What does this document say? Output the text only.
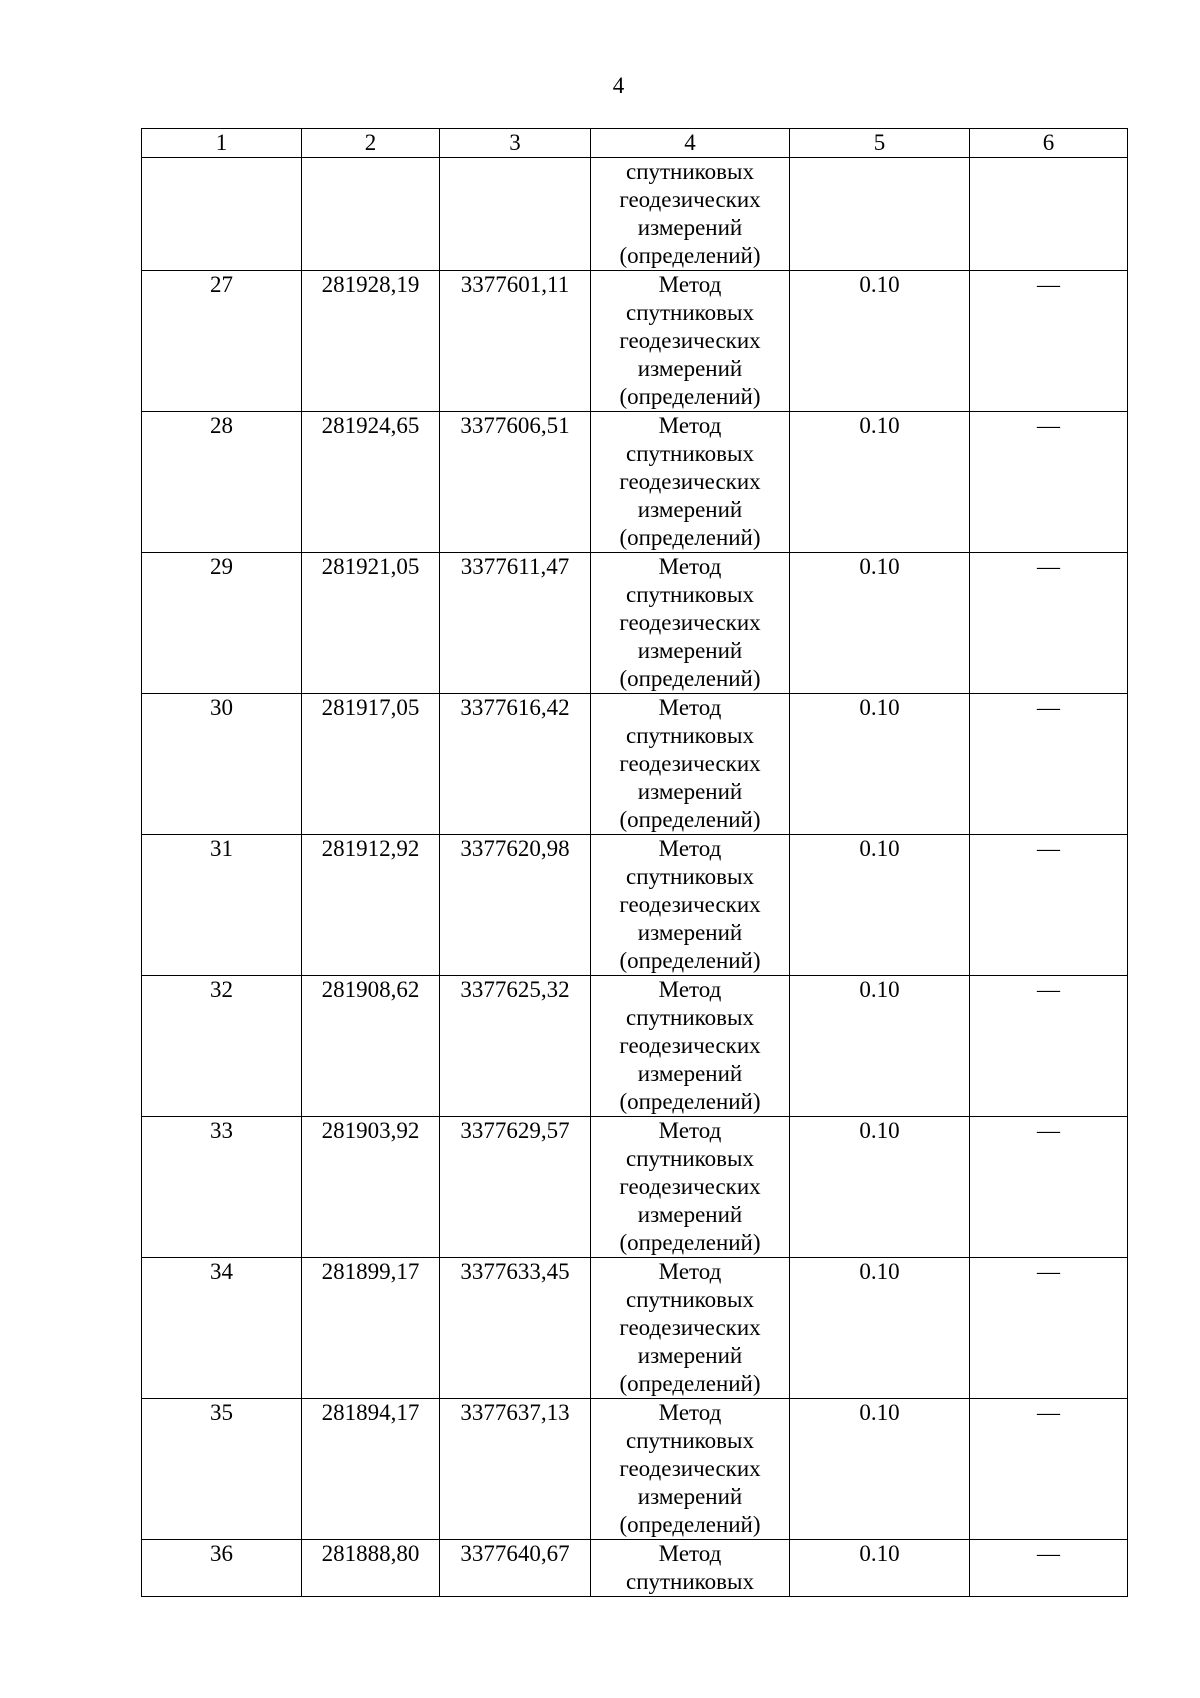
4
1	2	3	4	5	6

			спутниковых
геодезических
измерений
(определений)		

27	281928,19	3377601,11	Метод
спутниковых
геодезических
измерений
(определений)	0.10	—

28	281924,65	3377606,51	Метод
спутниковых
геодезических
измерений
(определений)	0.10	—

29	281921,05	3377611,47	Метод
спутниковых
геодезических
измерений
(определений)	0.10	—

30	281917,05	3377616,42	Метод
спутниковых
геодезических
измерений
(определений)	0.10	—

31	281912,92	3377620,98	Метод
спутниковых
геодезических
измерений
(определений)	0.10	—

32	281908,62	3377625,32	Метод
спутниковых
геодезических
измерений
(определений)	0.10	—

33	281903,92	3377629,57	Метод
спутниковых
геодезических
измерений
(определений)	0.10	—

34	281899,17	3377633,45	Метод
спутниковых
геодезических
измерений
(определений)	0.10	—

35	281894,17	3377637,13	Метод
спутниковых
геодезических
измерений
(определений)	0.10	—

36	281888,80	3377640,67	Метод
спутниковых	0.10	—
